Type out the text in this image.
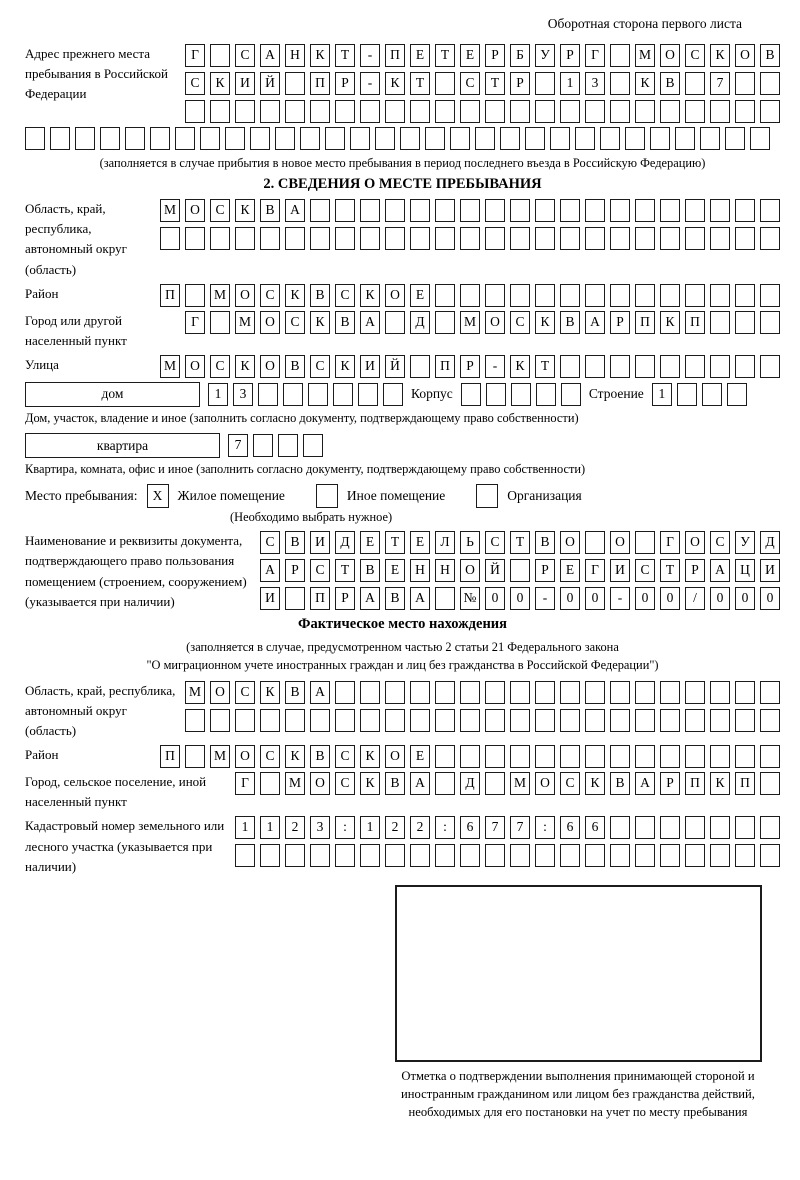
Оборотная сторона первого листа
Адрес прежнего места пребывания в Российской Федерации
Г	С	А	Н	К	Т	-	П	Е	Т	Е	Р	Б	У	Р	Г	М	О	С	К	О	В
С	К	И	Й	П	Р	-	К	Т	С	Т	Р	1	3	К	В	7
(заполняется в случае прибытия в новое место пребывания в период последнего въезда в Российскую Федерацию)
2. СВЕДЕНИЯ О МЕСТЕ ПРЕБЫВАНИЯ
Область, край, республика, автономный округ (область)
М	О	С	К	В	А
Район	П	М	О	С	К	В	С	К	О	Е
Город или другой населенный пункт
Г	М	О	С	К	В	А	Д	М	О	С	К	В	А	Р	П	К	П
Улица	М	О	С	К	О	В	С	К	И	Й	П	Р	-	К	Т
дом	1	3	Корпус	Строение	1
Дом, участок, владение и иное (заполнить согласно документу, подтверждающему право собственности)
квартира	7
Квартира, комната, офис и иное (заполнить согласно документу, подтверждающему право собственности)
Место пребывания:	X	Жилое помещение	Иное помещение	Организация
(Необходимо выбрать нужное)
Наименование и реквизиты документа, подтверждающего право пользования помещением (строением, сооружением) (указывается при наличии)
С	В	И	Д	Е	Т	Е	Л	Ь	С	Т	В	О	О	Г	О	С	У	Д
А	Р	С	Т	В	Е	Н	Н	О	Й	Р	Е	Г	И	С	Т	Р	А	Ц	И
И	П	Р	А	В	А	№	0	0	-	0	0	-	0	0	/	0	0	0
Фактическое место нахождения
(заполняется в случае, предусмотренном частью 2 статьи 21 Федерального закона
"О миграционном учете иностранных граждан и лиц без гражданства в Российской Федерации")
Область, край, республика, автономный округ (область)
М	О	С	К	В	А
Район	П	М	О	С	К	В	С	К	О	Е
Город, сельское поселение, иной населенный пункт
Г	М	О	С	К	В	А	Д	М	О	С	К	В	А	Р	П	К	П
Кадастровый номер земельного или лесного участка (указывается при наличии)
1	1	2	3	:	1	2	2	:	6	7	7	:	6	6
Отметка о подтверждении выполнения принимающей стороной и иностранным гражданином или лицом без гражданства действий, необходимых для его постановки на учет по месту пребывания
